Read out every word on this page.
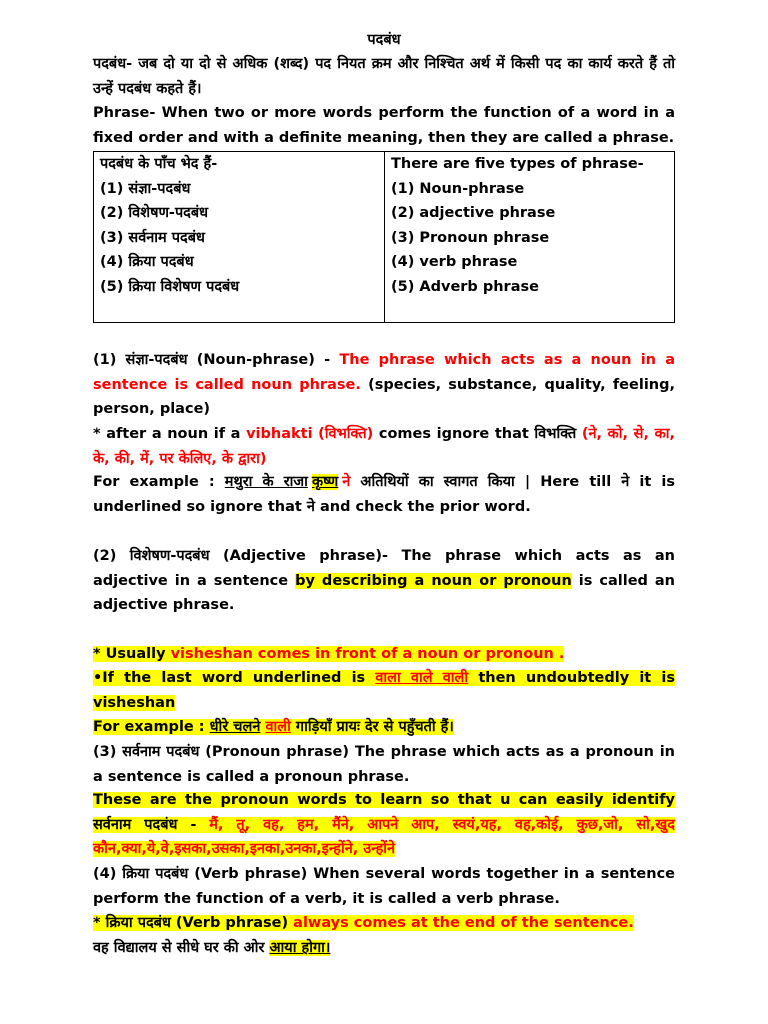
पदबंध

पदबंध- जब दो या दो से अधिक (शब्द) पद नियत क्रम और निश्चित अर्थ में किसी पद का कार्य करते हैं तो उन्हें पदबंध कहते हैं।

Phrase- When two or more words perform the function of a word in a fixed order and with a definite meaning, then they are called a phrase.

पदबंध के पाँच भेद हैं-
(1) संज्ञा-पदबंध
(2) विशेषण-पदबंध
(3) सर्वनाम पदबंध
(4) क्रिया पदबंध
(5) क्रिया विशेषण पदबंध

There are five types of phrase-
(1) Noun-phrase
(2) adjective phrase
(3) Pronoun phrase
(4) verb phrase
(5) Adverb phrase

(1) संज्ञा-पदबंध (Noun-phrase) - The phrase which acts as a noun in a sentence is called noun phrase. (species, substance, quality, feeling, person, place)

* after a noun if a vibhakti (विभक्ति) comes ignore that विभक्ति (ने, को, से, का, के, की, में, पर केलिए, के द्वारा)

For example : मथुरा के राजा कृष्ण ने अतिथियों का स्वागत किया | Here till ने it is underlined so ignore that ने and check the prior word.

(2) विशेषण-पदबंध (Adjective phrase)- The phrase which acts as an adjective in a sentence by describing a noun or pronoun is called an adjective phrase.

* Usually visheshan comes in front of a noun or pronoun .

•If the last word underlined is वाला वाले वाली then undoubtedly it is visheshan

For example : धीरे चलने वाली गाड़ियाँ प्रायः देर से पहुँचती हैं।

(3) सर्वनाम पदबंध (Pronoun phrase) The phrase which acts as a pronoun in a sentence is called a pronoun phrase.

These are the pronoun words to learn so that u can easily identify सर्वनाम पदबंध - मैं, तू, वह, हम, मैंने, आपने आप, स्वयं,यह, वह,कोई, कुछ,जो, सो,खुद कौन,क्या,ये,वे,इसका,उसका,इनका,उनका,इन्होंने, उन्होंने

(4) क्रिया पदबंध (Verb phrase) When several words together in a sentence perform the function of a verb, it is called a verb phrase.

* क्रिया पदबंध (Verb phrase) always comes at the end of the sentence.

वह विद्यालय से सीधे घर की ओर आया होगा।
